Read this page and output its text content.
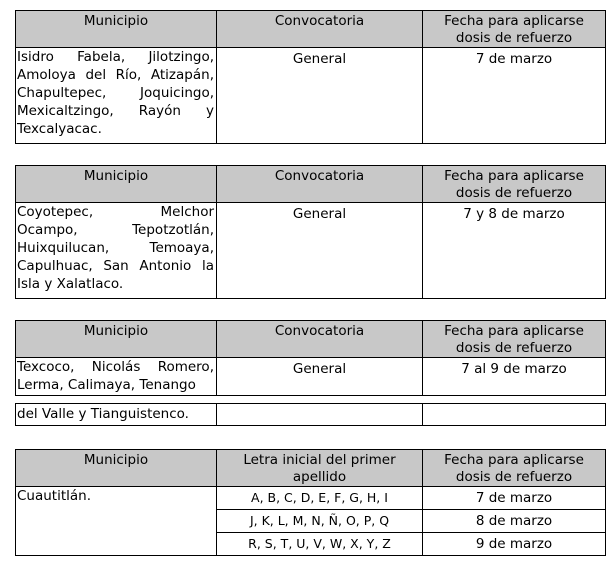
Municipio	Convocatoria	Fecha para aplicarse dosis de refuerzo
Isidro Fabela, Jilotzingo, Amoloya del Río, Atizapán, Chapultepec, Joquicingo, Mexicaltzingo, Rayón y Texcalyacac.	General	7 de marzo
Municipio	Convocatoria	Fecha para aplicarse dosis de refuerzo
Coyotepec, Melchor Ocampo, Tepotzotlán, Huixquilucan, Temoaya, Capulhuac, San Antonio la Isla y Xalatlaco.	General	7 y 8 de marzo
Municipio	Convocatoria	Fecha para aplicarse dosis de refuerzo
Texcoco, Nicolás Romero, Lerma, Calimaya, Tenango	General	7 al 9 de marzo
del Valle y Tianguistenco.		
Municipio	Letra inicial del primer apellido	Fecha para aplicarse dosis de refuerzo
Cuautitlán.	A, B, C, D, E, F, G, H, I	7 de marzo
	J, K, L, M, N, Ñ, O, P, Q	8 de marzo
	R, S, T, U, V, W, X, Y, Z	9 de marzo
